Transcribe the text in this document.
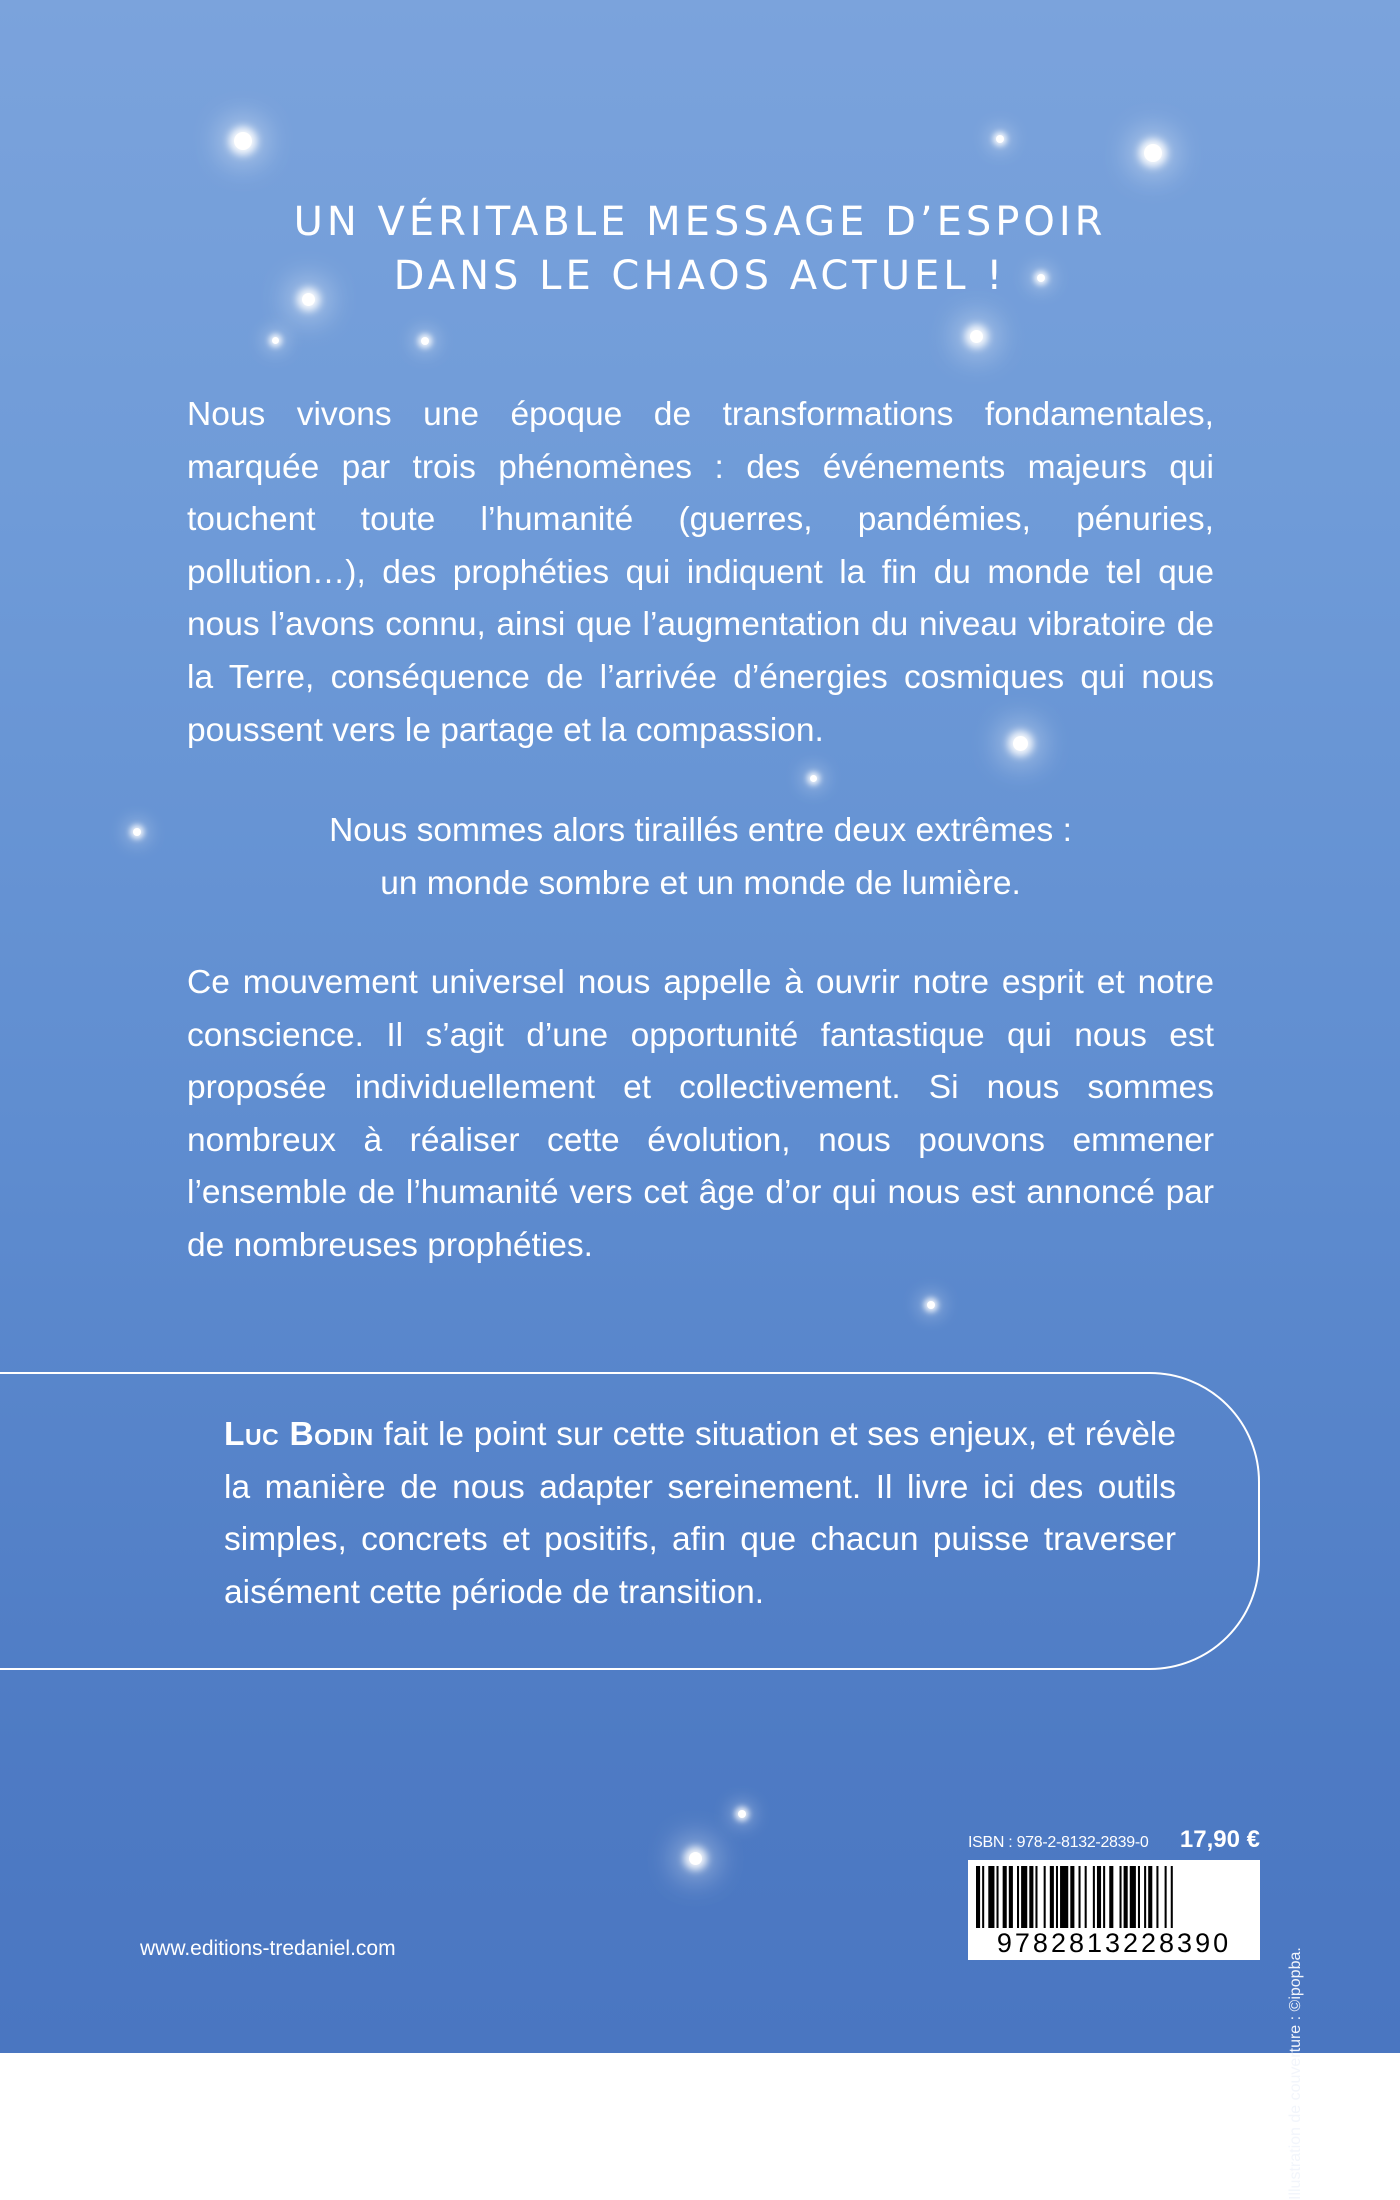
UN VÉRITABLE MESSAGE D’ESPOIR
DANS LE CHAOS ACTUEL !

Nous vivons une époque de transformations fondamentales, marquée par trois phénomènes : des événements majeurs qui touchent toute l’humanité (guerres, pandémies, pénuries, pollution…), des prophéties qui indiquent la fin du monde tel que nous l’avons connu, ainsi que l’augmentation du niveau vibratoire de la Terre, conséquence de l’arrivée d’énergies cosmiques qui nous poussent vers le partage et la compassion.

Nous sommes alors tiraillés entre deux extrêmes :
un monde sombre et un monde de lumière.

Ce mouvement universel nous appelle à ouvrir notre esprit et notre conscience. Il s’agit d’une opportunité fantastique qui nous est proposée individuellement et collectivement. Si nous sommes nombreux à réaliser cette évolution, nous pouvons emmener l’ensemble de l’humanité vers cet âge d’or qui nous est annoncé par de nombreuses prophéties.

Luc Bodin fait le point sur cette situation et ses enjeux, et révèle la manière de nous adapter sereinement. Il livre ici des outils simples, concrets et positifs, afin que chacun puisse traverser aisément cette période de transition.

Illustration de couverture : ©ipopba.
ISBN : 978-2-8132-2839-0 17,90 €
9782813228390

www.editions-tredaniel.com
